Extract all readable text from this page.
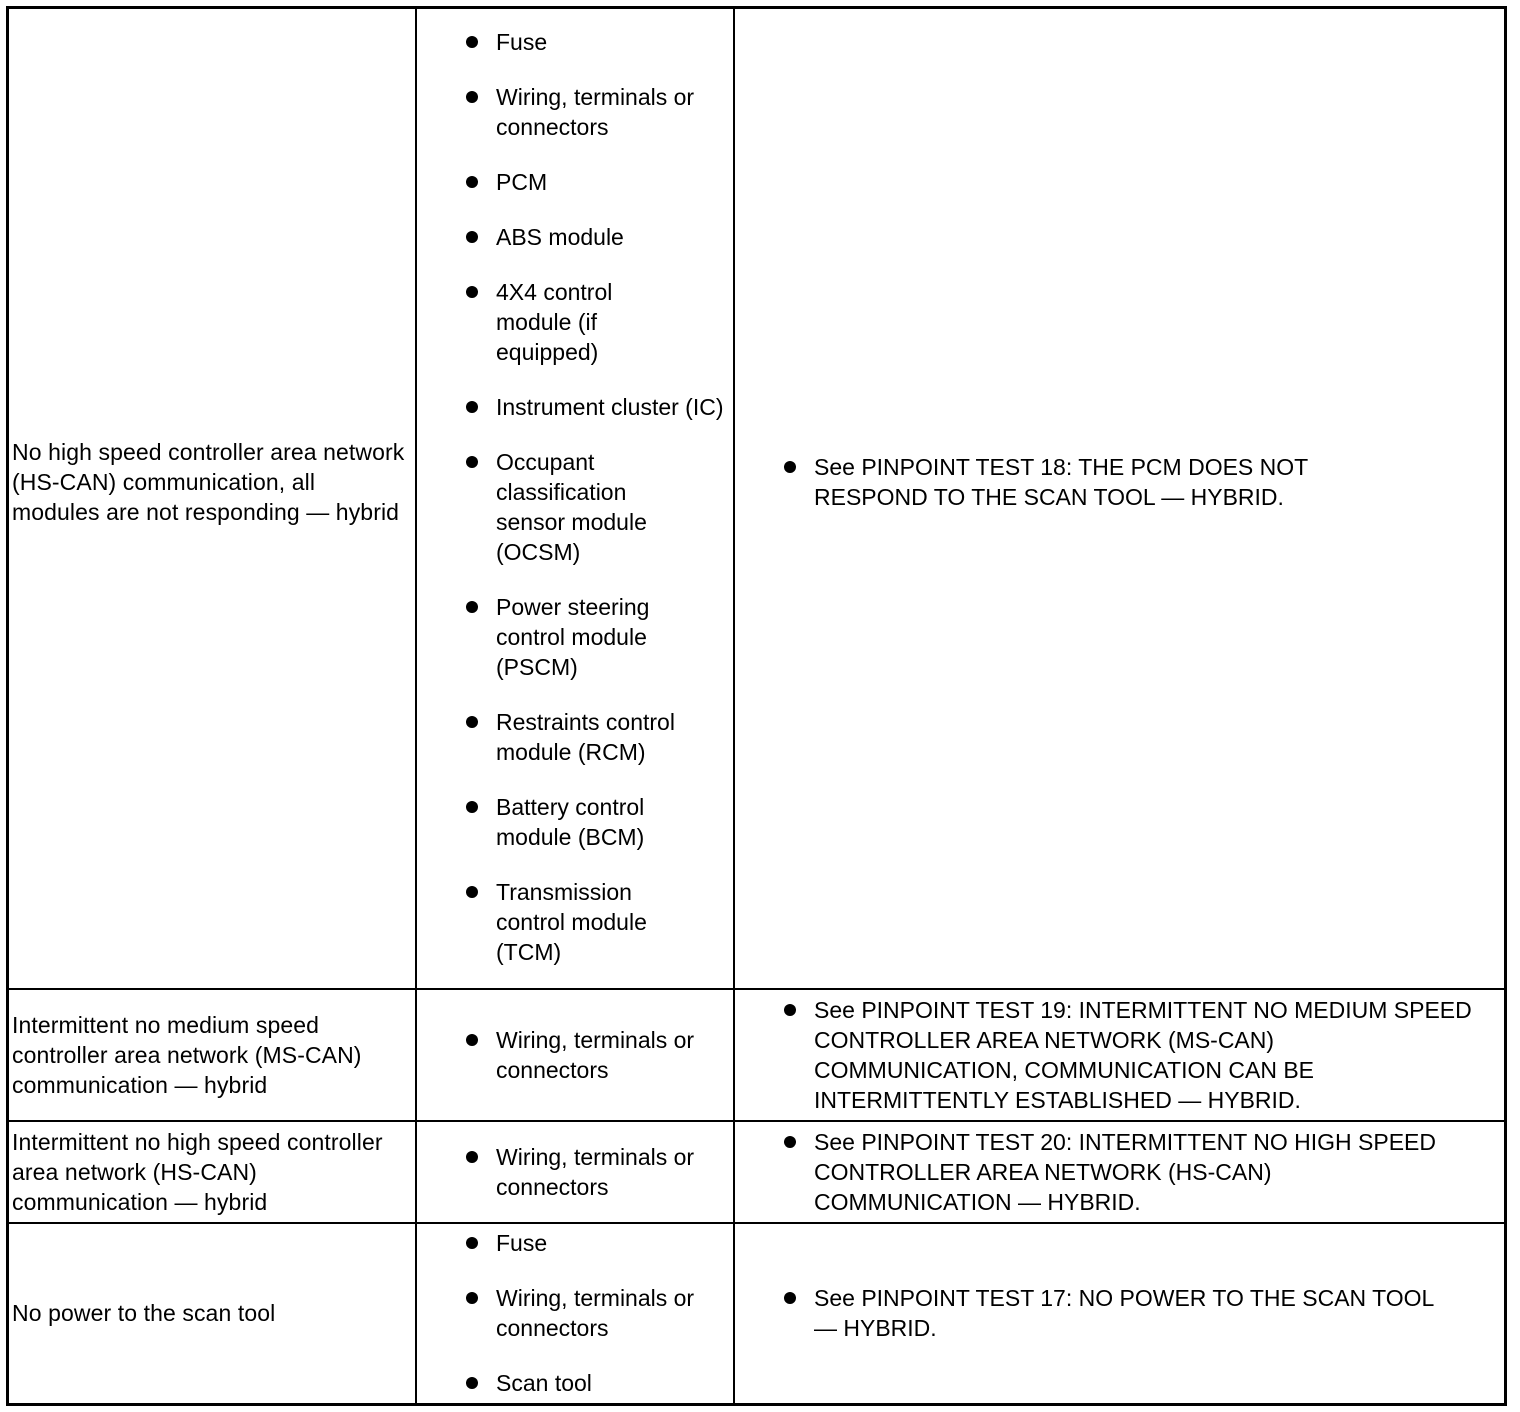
No high speed controller area network (HS-CAN) communication, all modules are not responding — hybrid
Fuse
Wiring, terminals or connectors
PCM
ABS module
4X4 control module (if equipped)
Instrument cluster (IC)
Occupant classification sensor module (OCSM)
Power steering control module (PSCM)
Restraints control module (RCM)
Battery control module (BCM)
Transmission control module (TCM)
See PINPOINT TEST 18: THE PCM DOES NOT RESPOND TO THE SCAN TOOL — HYBRID.
Intermittent no medium speed controller area network (MS-CAN) communication — hybrid
Wiring, terminals or connectors
See PINPOINT TEST 19: INTERMITTENT NO MEDIUM SPEED CONTROLLER AREA NETWORK (MS-CAN) COMMUNICATION, COMMUNICATION CAN BE INTERMITTENTLY ESTABLISHED — HYBRID.
Intermittent no high speed controller area network (HS-CAN) communication — hybrid
Wiring, terminals or connectors
See PINPOINT TEST 20: INTERMITTENT NO HIGH SPEED CONTROLLER AREA NETWORK (HS-CAN) COMMUNICATION — HYBRID.
No power to the scan tool
Fuse
Wiring, terminals or connectors
Scan tool
See PINPOINT TEST 17: NO POWER TO THE SCAN TOOL — HYBRID.
